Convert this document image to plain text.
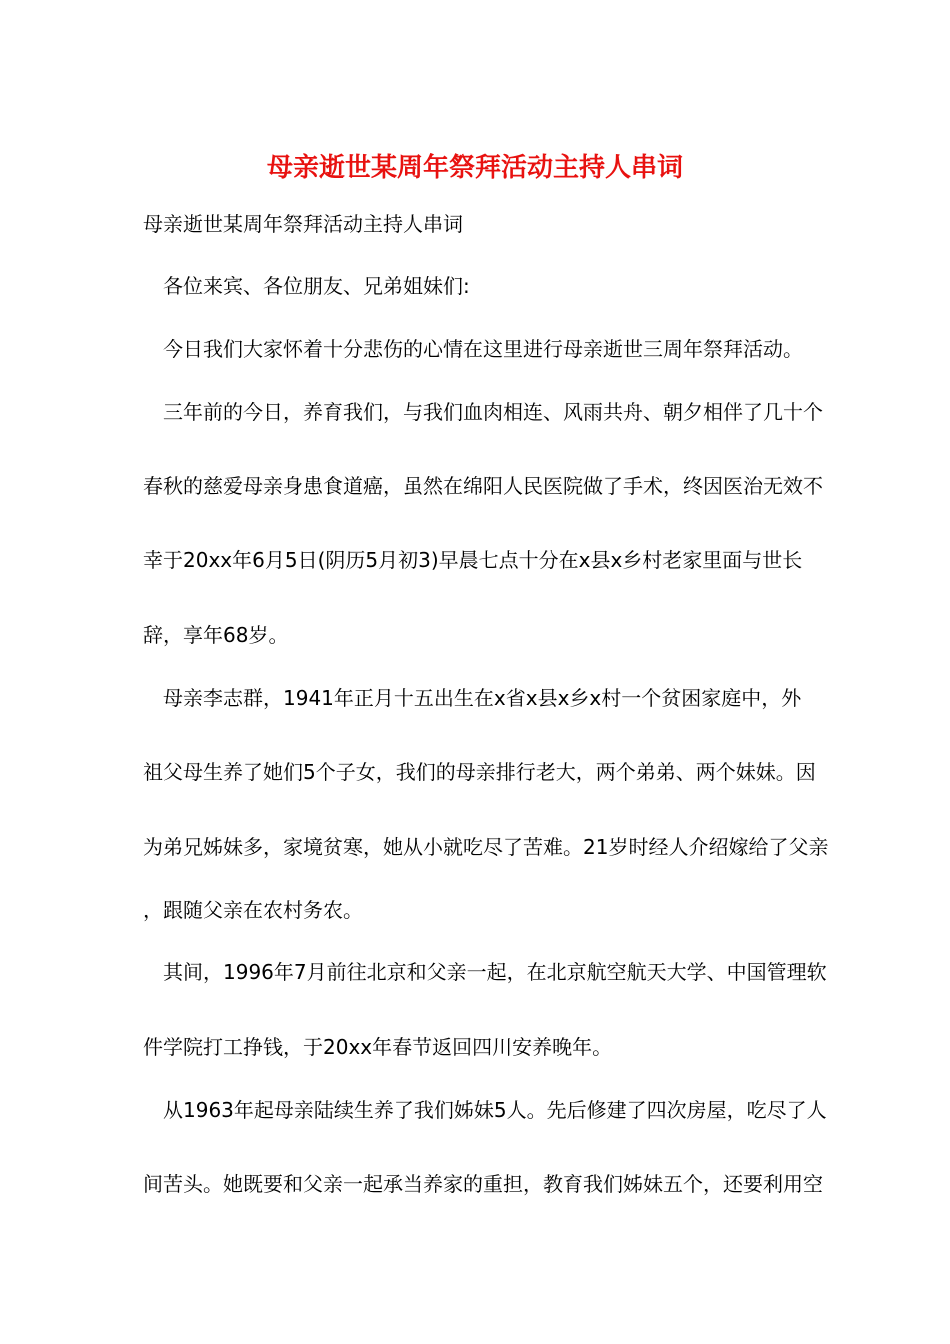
母亲逝世某周年祭拜活动主持人串词
母亲逝世某周年祭拜活动主持人串词
各位来宾、各位朋友、兄弟姐妹们:
今日我们大家怀着十分悲伤的心情在这里进行母亲逝世三周年祭拜活动。
三年前的今日，养育我们，与我们血肉相连、风雨共舟、朝夕相伴了几十个
春秋的慈爱母亲身患食道癌，虽然在绵阳人民医院做了手术，终因医治无效不
幸于20xx年6月5日(阴历5月初3)早晨七点十分在x县x乡村老家里面与世长
辞，享年68岁。
母亲李志群，1941年正月十五出生在x省x县x乡x村一个贫困家庭中，外
祖父母生养了她们5个子女，我们的母亲排行老大，两个弟弟、两个妹妹。因
为弟兄姊妹多，家境贫寒，她从小就吃尽了苦难。21岁时经人介绍嫁给了父亲
，跟随父亲在农村务农。
其间，1996年7月前往北京和父亲一起，在北京航空航天大学、中国管理软
件学院打工挣钱，于20xx年春节返回四川安养晚年。
从1963年起母亲陆续生养了我们姊妹5人。先后修建了四次房屋，吃尽了人
间苦头。她既要和父亲一起承当养家的重担，教育我们姊妹五个，还要利用空
